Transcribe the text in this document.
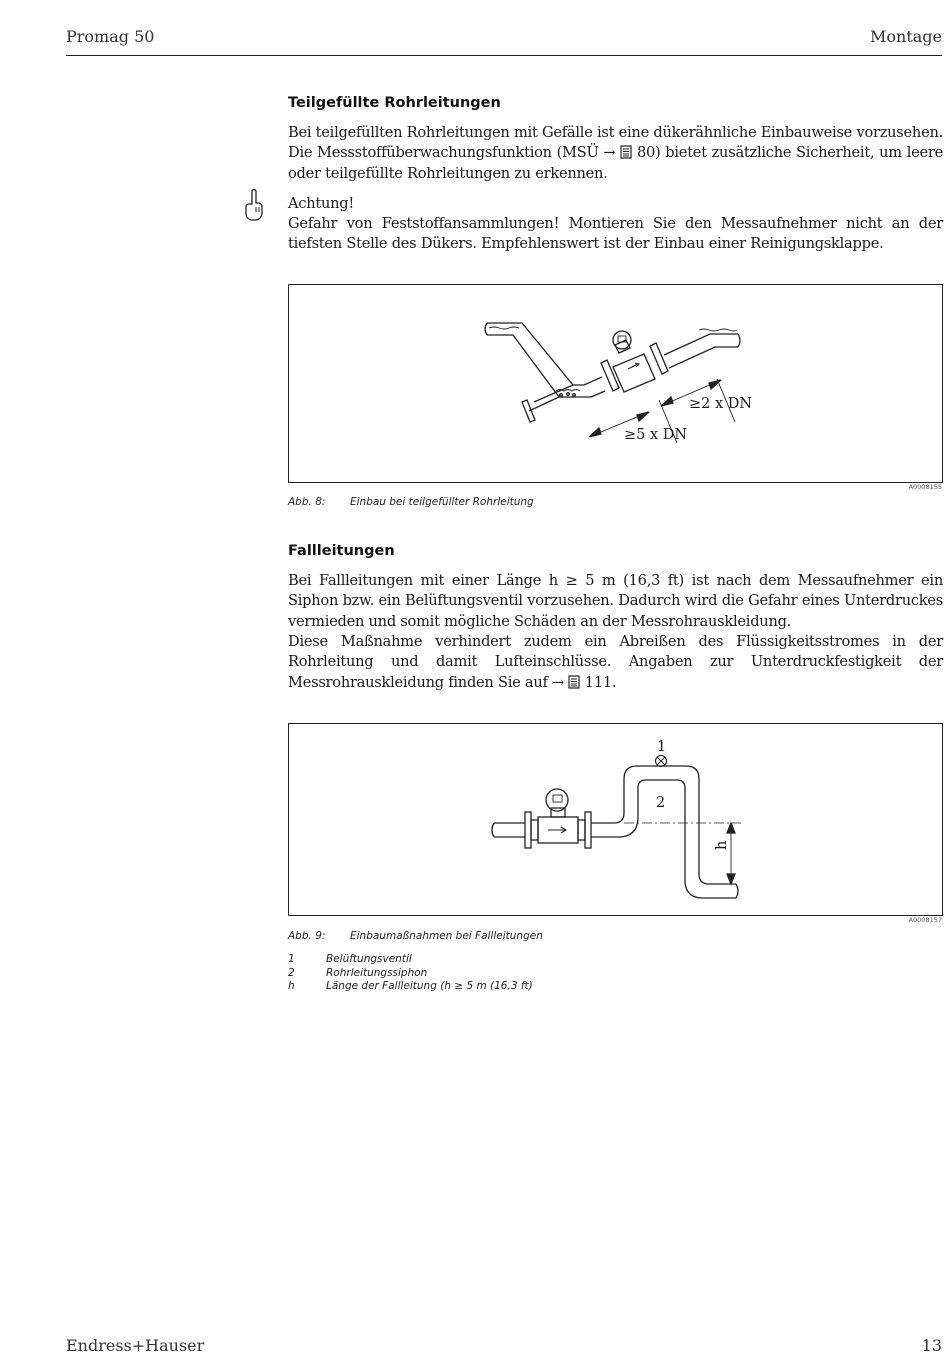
Promag 50	Montage
Teilgefüllte Rohrleitungen
Bei teilgefüllten Rohrleitungen mit Gefälle ist eine dükerähnliche Einbauweise vorzusehen. Die Messstoffüberwachungsfunktion (MSÜ →  80) bietet zusätzliche Sicherheit, um leere oder teilgefüllte Rohrleitungen zu erkennen.
Achtung!
Gefahr von Feststoffansammlungen! Montieren Sie den Messaufnehmer nicht an der tiefsten Stelle des Dükers. Empfehlenswert ist der Einbau einer Reinigungsklappe.
≥2 x DN
≥5 x DN
A0008155
Abb. 8: Einbau bei teilgefüllter Rohrleitung
Fallleitungen
Bei Fallleitungen mit einer Länge h ≥ 5 m (16,3 ft) ist nach dem Messaufnehmer ein Siphon bzw. ein Belüftungsventil vorzusehen. Dadurch wird die Gefahr eines Unterdruckes vermieden und somit mögliche Schäden an der Messrohrauskleidung.
Diese Maßnahme verhindert zudem ein Abreißen des Flüssigkeitsstromes in der Rohrleitung und damit Lufteinschlüsse. Angaben zur Unterdruckfestigkeit der Messrohrauskleidung finden Sie auf →  111.
1
2
h
A0008157
Abb. 9: Einbaumaßnahmen bei Fallleitungen
1	Belüftungsventil
2	Rohrleitungssiphon
h	Länge der Fallleitung (h ≥ 5 m (16,3 ft)
Endress+Hauser	13
